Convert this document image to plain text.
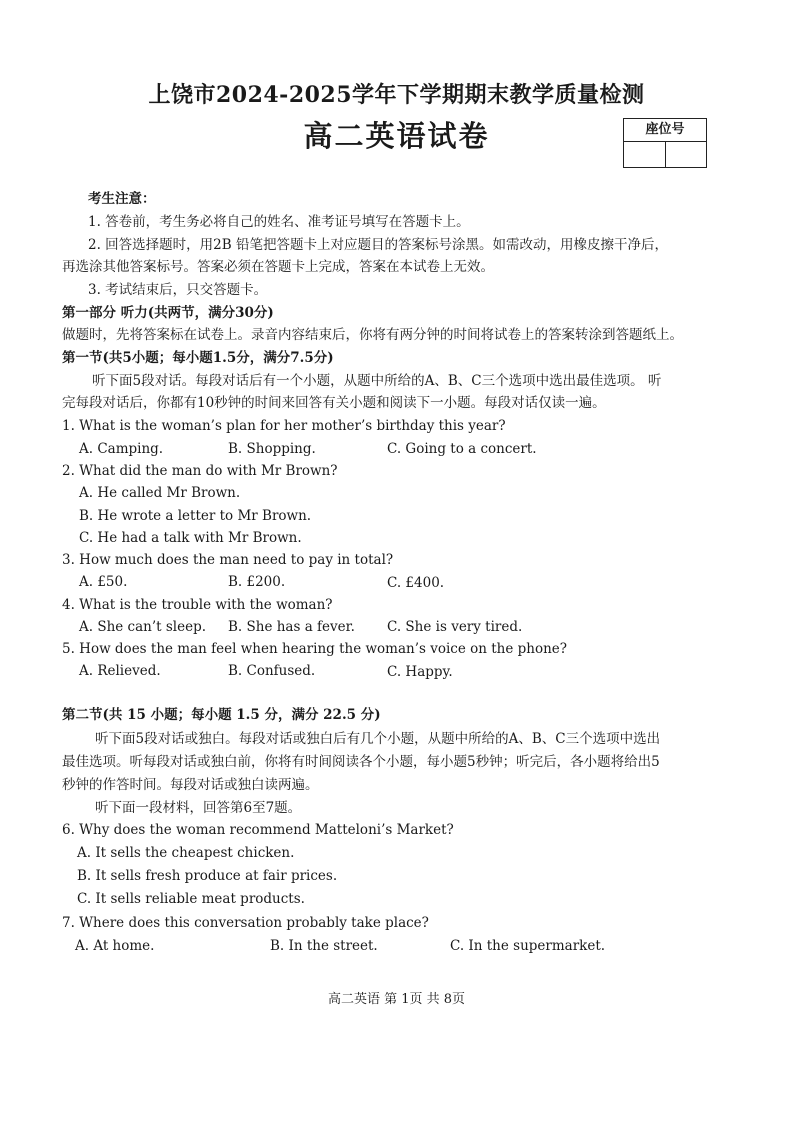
上饶市2024-2025学年下学期期末教学质量检测
高二英语试卷	座位号
考生注意：
1. 答卷前，考生务必将自己的姓名、准考证号填写在答题卡上。
2. 回答选择题时，用2B 铅笔把答题卡上对应题目的答案标号涂黑。如需改动，用橡皮擦干净后，
再选涂其他答案标号。答案必须在答题卡上完成，答案在本试卷上无效。
3. 考试结束后，只交答题卡。
第一部分 听力(共两节，满分30分)
做题时，先将答案标在试卷上。录音内容结束后，你将有两分钟的时间将试卷上的答案转涂到答题纸上。
第一节(共5小题；每小题1.5分，满分7.5分)
听下面5段对话。每段对话后有一个小题，从题中所给的A、B、C三个选项中选出最佳选项。 听
完每段对话后，你都有10秒钟的时间来回答有关小题和阅读下一小题。每段对话仅读一遍。
1. What is the woman’s plan for her mother’s birthday this year?
A. Camping.	B. Shopping.	C. Going to a concert.
2. What did the man do with Mr Brown?
A. He called Mr Brown.
B. He wrote a letter to Mr Brown.
C. He had a talk with Mr Brown.
3. How much does the man need to pay in total?
A. £50.	B. £200.	C. £400.
4. What is the trouble with the woman?
A. She can’t sleep. B. She has a fever. C. She is very tired.
5. How does the man feel when hearing the woman’s voice on the phone?
A. Relieved.	B. Confused.	C. Happy.
第二节(共 15 小题；每小题 1.5 分，满分 22.5 分)
听下面5段对话或独白。每段对话或独白后有几个小题，从题中所给的A、B、C三个选项中选出
最佳选项。听每段对话或独白前，你将有时间阅读各个小题，每小题5秒钟；听完后，各小题将给出5
秒钟的作答时间。每段对话或独白读两遍。
听下面一段材料，回答第6至7题。
6. Why does the woman recommend Matteloni’s Market?
A. It sells the cheapest chicken.
B. It sells fresh produce at fair prices.
C. It sells reliable meat products.
7. Where does this conversation probably take place?
A. At home.	B. In the street.	C. In the supermarket.
高二英语 第 1页 共 8页
